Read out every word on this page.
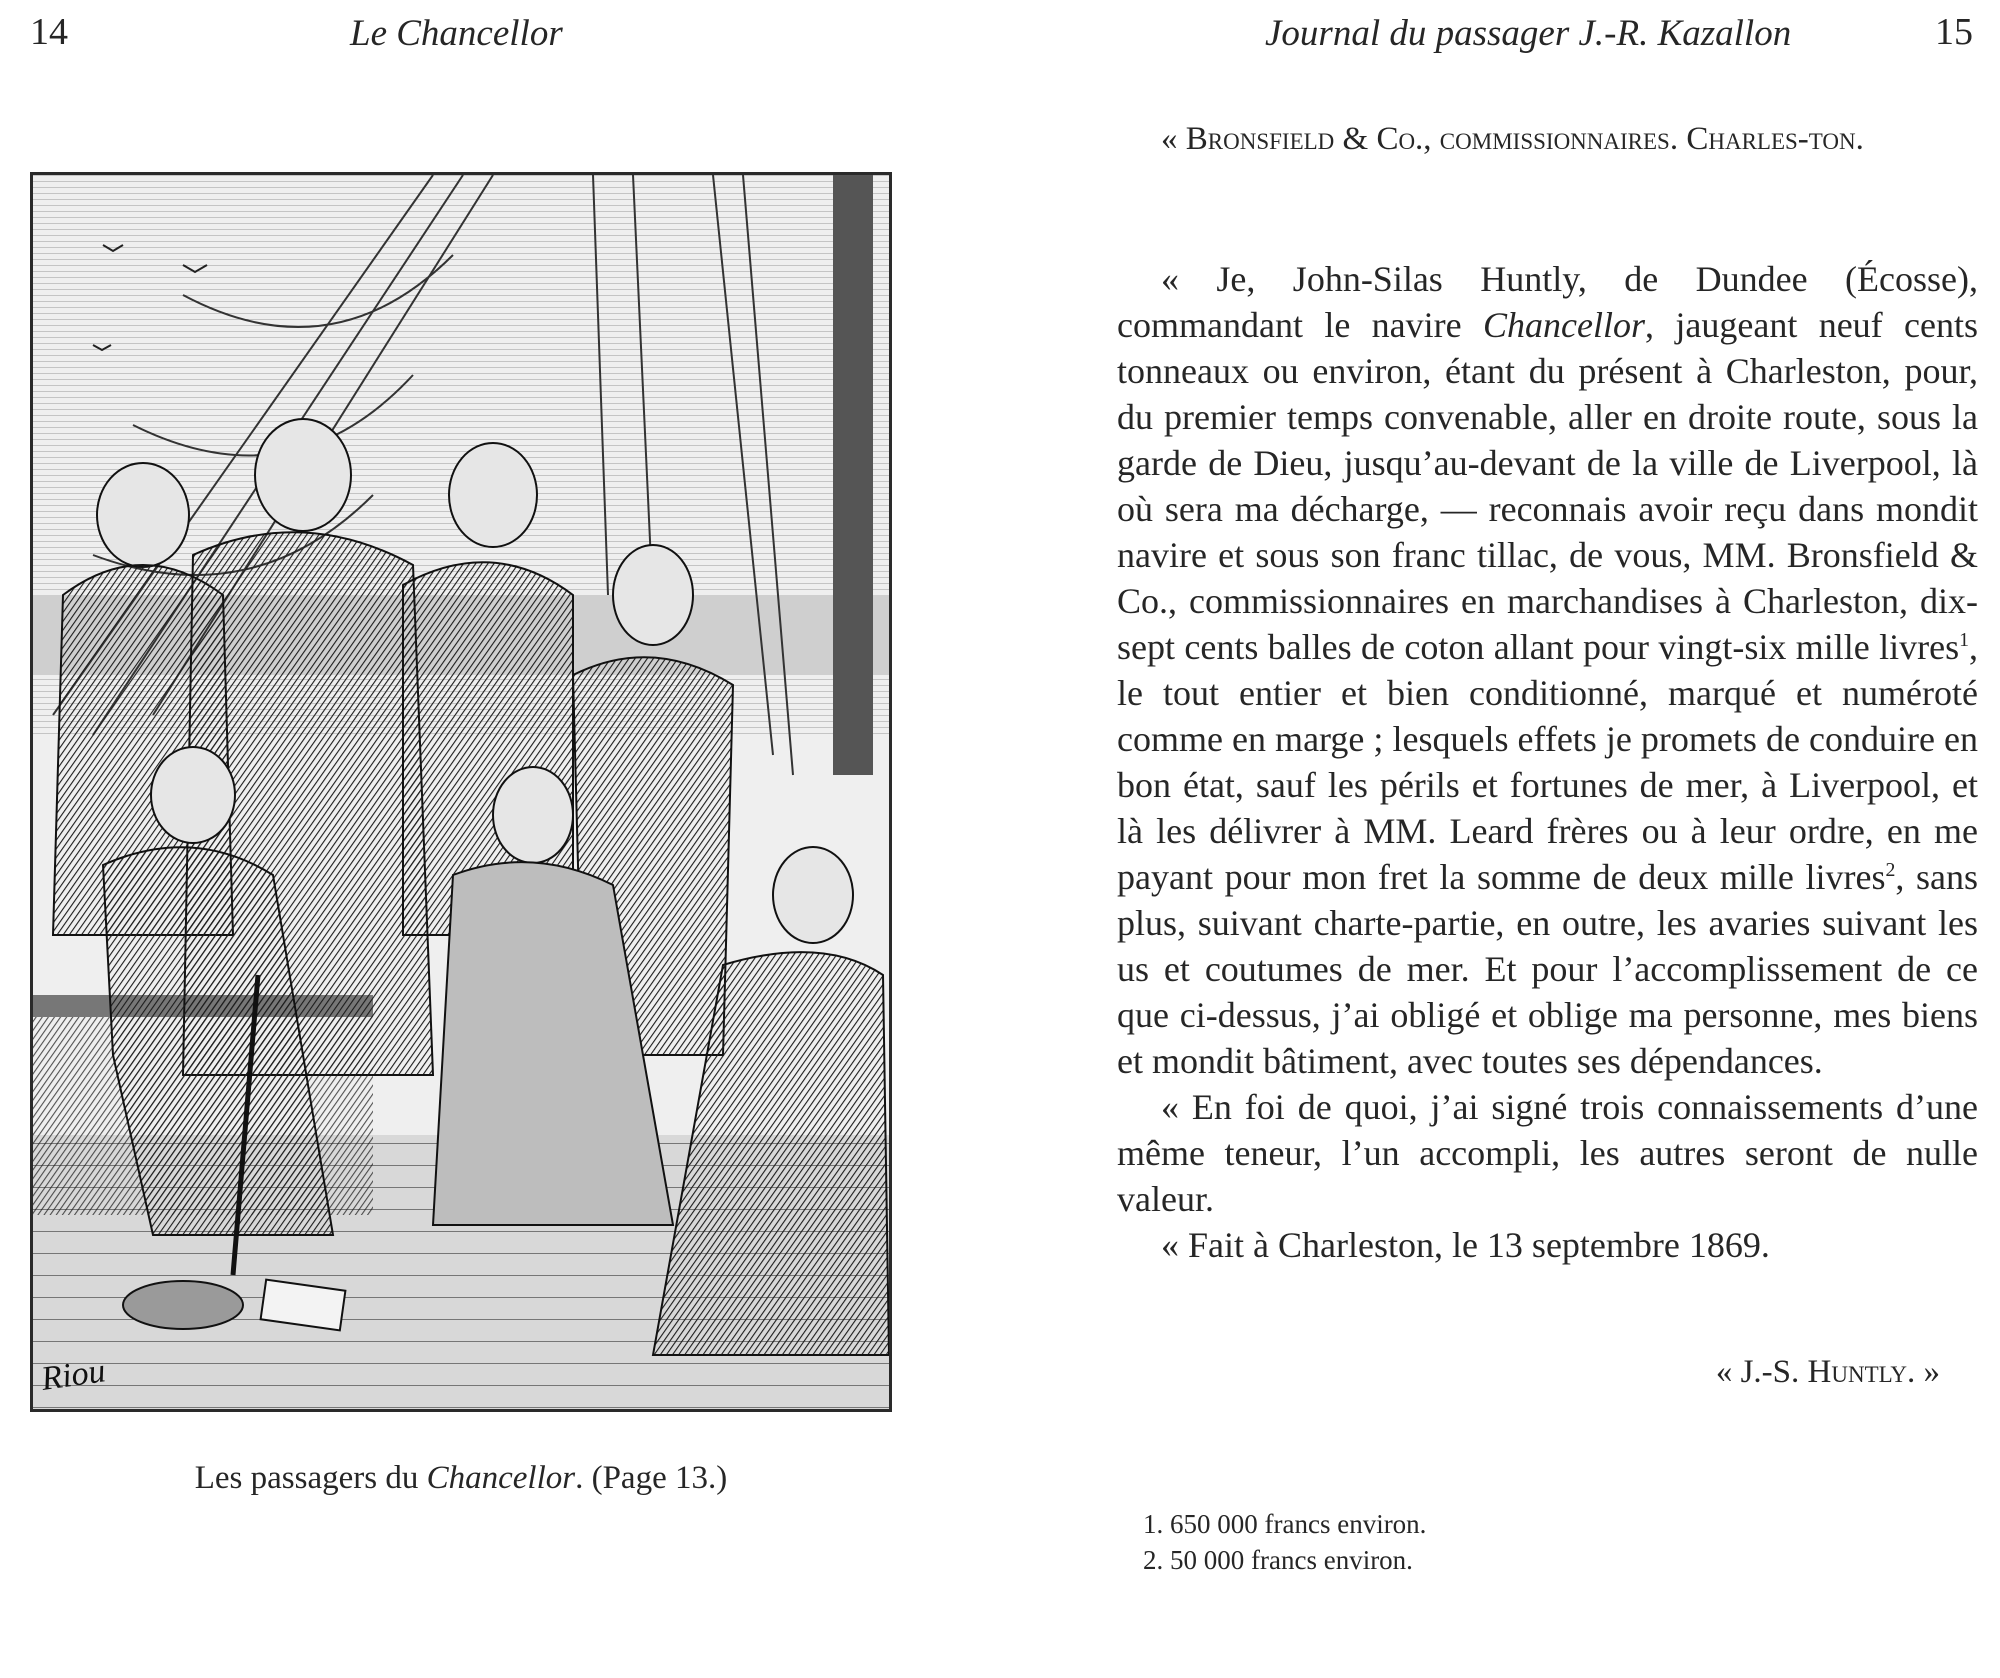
14	Le Chancellor
Riou
Les passagers du Chancellor. (Page 13.)
Journal du passager J.-R. Kazallon	15

« Bronsfield & Co., commissionnaires. Charles-ton.

« Je, John-Silas Huntly, de Dundee (Écosse), commandant le navire Chancellor, jaugeant neuf cents tonneaux ou environ, étant du présent à Charleston, pour, du premier temps convenable, aller en droite route, sous la garde de Dieu, jusqu’au-devant de la ville de Liverpool, là où sera ma décharge, — reconnais avoir reçu dans mondit navire et sous son franc tillac, de vous, MM. Bronsfield & Co., commissionnaires en marchandises à Charleston, dix-sept cents balles de coton allant pour vingt-six mille livres$^1$, le tout entier et bien conditionné, marqué et numéroté comme en marge ; lesquels effets je promets de conduire en bon état, sauf les périls et fortunes de mer, à Liverpool, et là les délivrer à MM. Leard frères ou à leur ordre, en me payant pour mon fret la somme de deux mille livres$^2$, sans plus, suivant charte-partie, en outre, les avaries suivant les us et coutumes de mer. Et pour l’accomplissement de ce que ci-dessus, j’ai obligé et oblige ma personne, mes biens et mondit bâtiment, avec toutes ses dépendances.

« En foi de quoi, j’ai signé trois connaissements d’une même teneur, l’un accompli, les autres seront de nulle valeur.

« Fait à Charleston, le 13 septembre 1869.

« J.-S. Huntly. »
1. 650 000 francs environ.
2. 50 000 francs environ.
